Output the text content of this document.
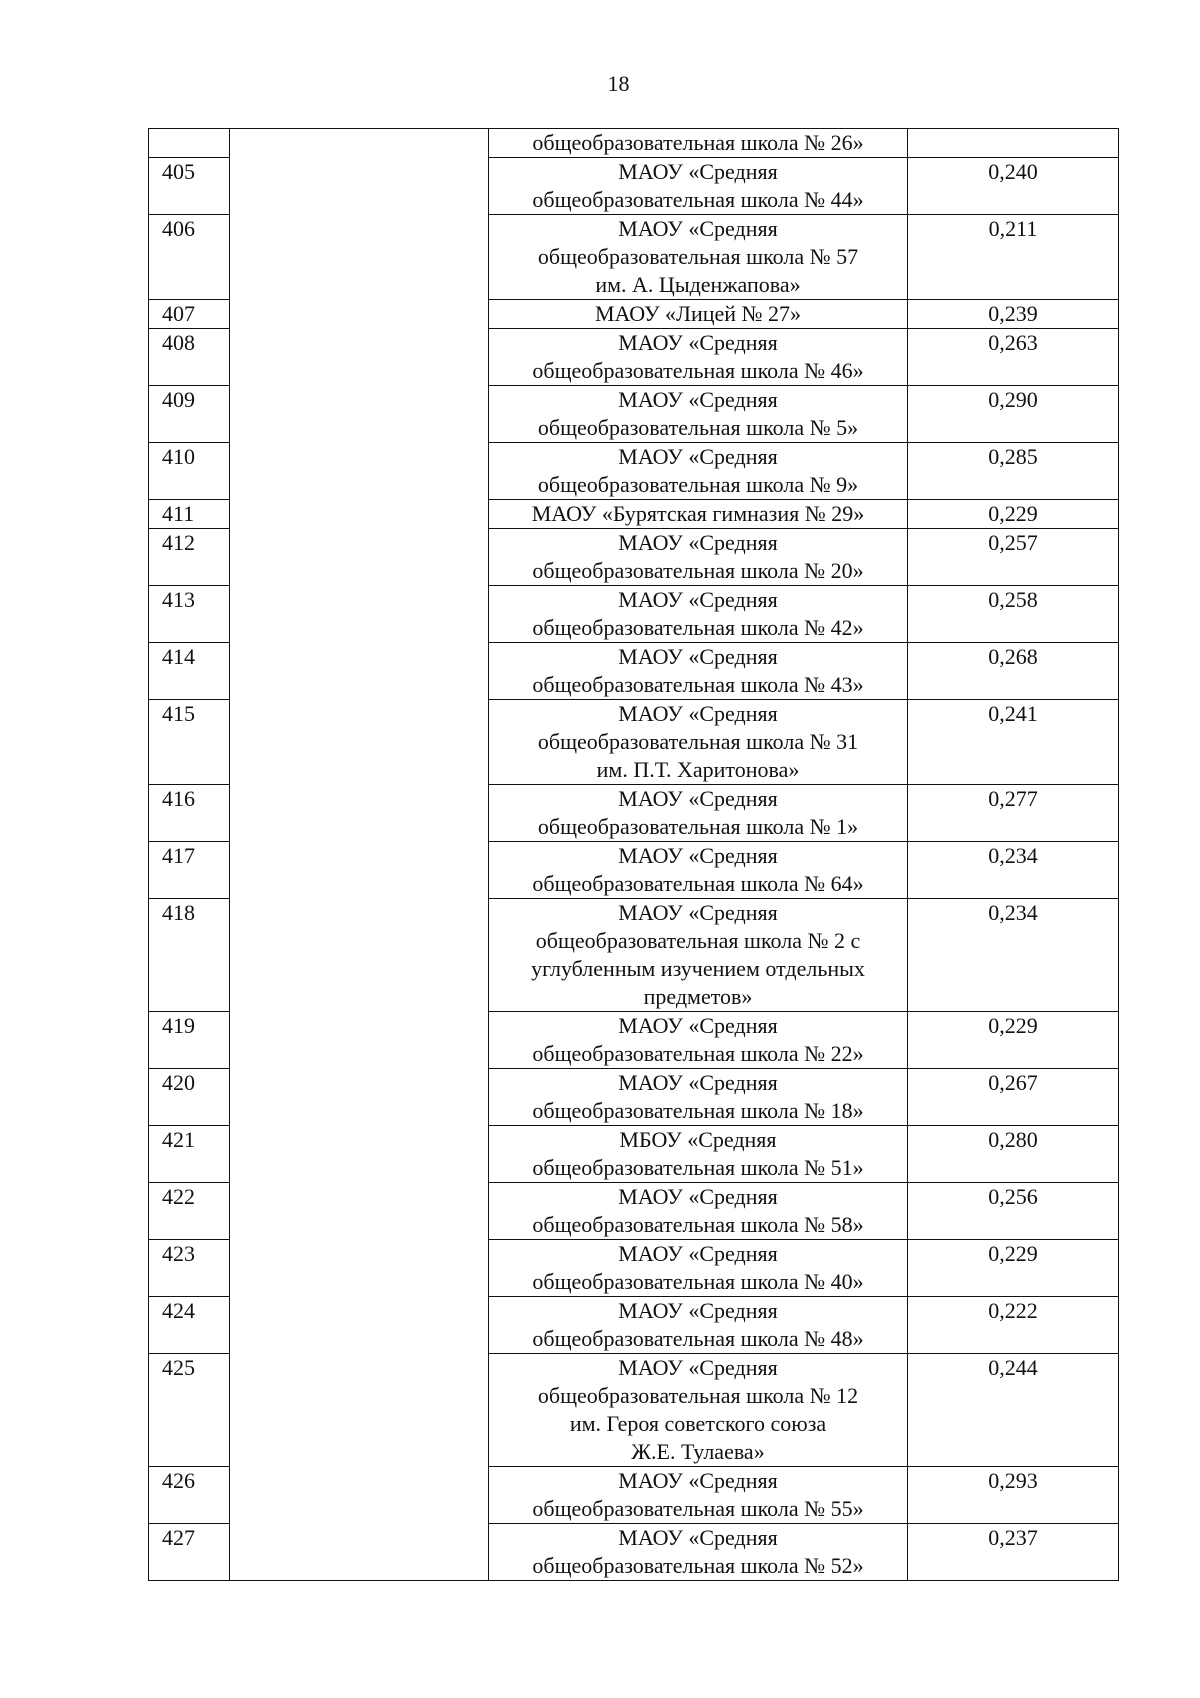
18

		общеобразовательная школа № 26»	

405		МАОУ «Средняя
общеобразовательная школа № 44»	0,240
406		МАОУ «Средняя
общеобразовательная школа № 57
им. А. Цыденжапова»	0,211
407		МАОУ «Лицей № 27»	0,239
408		МАОУ «Средняя
общеобразовательная школа № 46»	0,263
409		МАОУ «Средняя
общеобразовательная школа № 5»	0,290
410		МАОУ «Средняя
общеобразовательная школа № 9»	0,285
411		МАОУ «Бурятская гимназия № 29»	0,229
412		МАОУ «Средняя
общеобразовательная школа № 20»	0,257
413		МАОУ «Средняя
общеобразовательная школа № 42»	0,258
414		МАОУ «Средняя
общеобразовательная школа № 43»	0,268
415		МАОУ «Средняя
общеобразовательная школа № 31
им. П.Т. Харитонова»	0,241
416		МАОУ «Средняя
общеобразовательная школа № 1»	0,277
417		МАОУ «Средняя
общеобразовательная школа № 64»	0,234
418		МАОУ «Средняя
общеобразовательная школа № 2 с
углубленным изучением отдельных
предметов»	0,234
419		МАОУ «Средняя
общеобразовательная школа № 22»	0,229
420		МАОУ «Средняя
общеобразовательная школа № 18»	0,267
421		МБОУ «Средняя
общеобразовательная школа № 51»	0,280
422		МАОУ «Средняя
общеобразовательная школа № 58»	0,256
423		МАОУ «Средняя
общеобразовательная школа № 40»	0,229
424		МАОУ «Средняя
общеобразовательная школа № 48»	0,222
425		МАОУ «Средняя
общеобразовательная школа № 12
им. Героя советского союза
Ж.Е. Тулаева»	0,244
426		МАОУ «Средняя
общеобразовательная школа № 55»	0,293
427		МАОУ «Средняя
общеобразовательная школа № 52»	0,237
